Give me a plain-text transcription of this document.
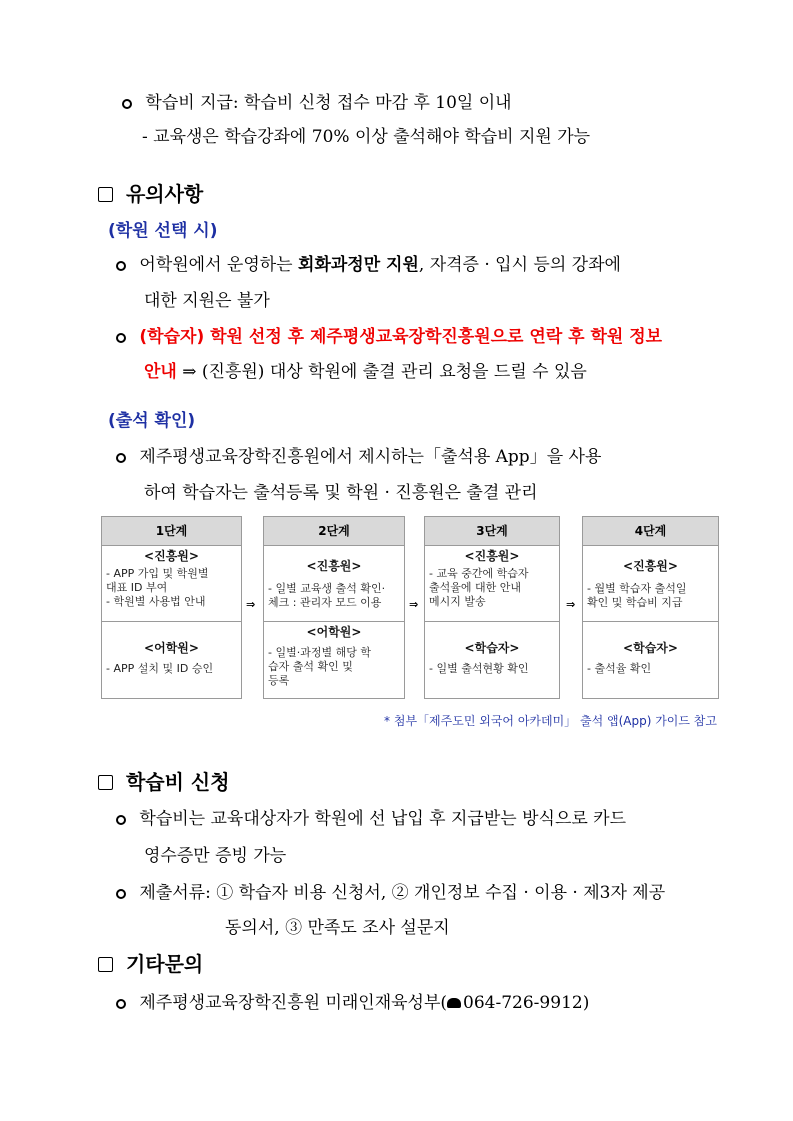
학습비 지급: 학습비 신청 접수 마감 후 10일 이내
- 교육생은 학습강좌에 70% 이상 출석해야 학습비 지원 가능
유의사항
(학원 선택 시)
어학원에서 운영하는 회화과정만 지원, 자격증 · 입시 등의 강좌에
대한 지원은 불가
(학습자) 학원 선정 후 제주평생교육장학진흥원으로 연락 후 학원 정보
안내 ⇒ (진흥원) 대상 학원에 출결 관리 요청을 드릴 수 있음
(출석 확인)
제주평생교육장학진흥원에서 제시하는「출석용 App」을 사용
하여 학습자는 출석등록 및 학원 · 진흥원은 출결 관리
1단계
<진흥원>
- APP 가입 및 학원별
대표 ID 부여
- 학원별 사용법 안내
<어학원>
- APP 설치 및 ID 승인
⇒
2단계
<진흥원>
- 일별 교육생 출석 확인·
체크 : 관리자 모드 이용
<어학원>
- 일별·과정별 해당 학
습자 출석 확인 및
등록
⇒
3단계
<진흥원>
- 교육 중간에 학습자
출석율에 대한 안내
메시지 발송
<학습자>
- 일별 출석현황 확인
⇒
4단계
<진흥원>
- 월별 학습자 출석일
확인 및 학습비 지급
<학습자>
- 출석율 확인
* 첨부「제주도민 외국어 아카데미」 출석 앱(App) 가이드 참고
학습비 신청
학습비는 교육대상자가 학원에 선 납입 후 지급받는 방식으로 카드
영수증만 증빙 가능
제출서류: ① 학습자 비용 신청서, ② 개인정보 수집 · 이용 · 제3자 제공
동의서, ③ 만족도 조사 설문지
기타문의
제주평생교육장학진흥원 미래인재육성부( 064-726-9912)
